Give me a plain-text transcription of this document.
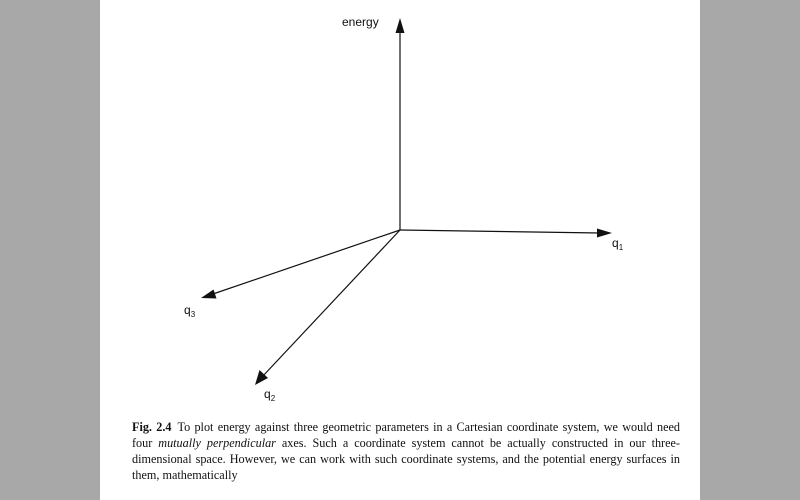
energy
$q_1$
$q_2$
$q_3$
Fig. 2.4 To plot energy against three geometric parameters in a Cartesian coordinate system, we would need four mutually perpendicular axes. Such a coordinate system cannot be actually constructed in our three-dimensional space. However, we can work with such coordinate systems, and the potential energy surfaces in them, mathematically
